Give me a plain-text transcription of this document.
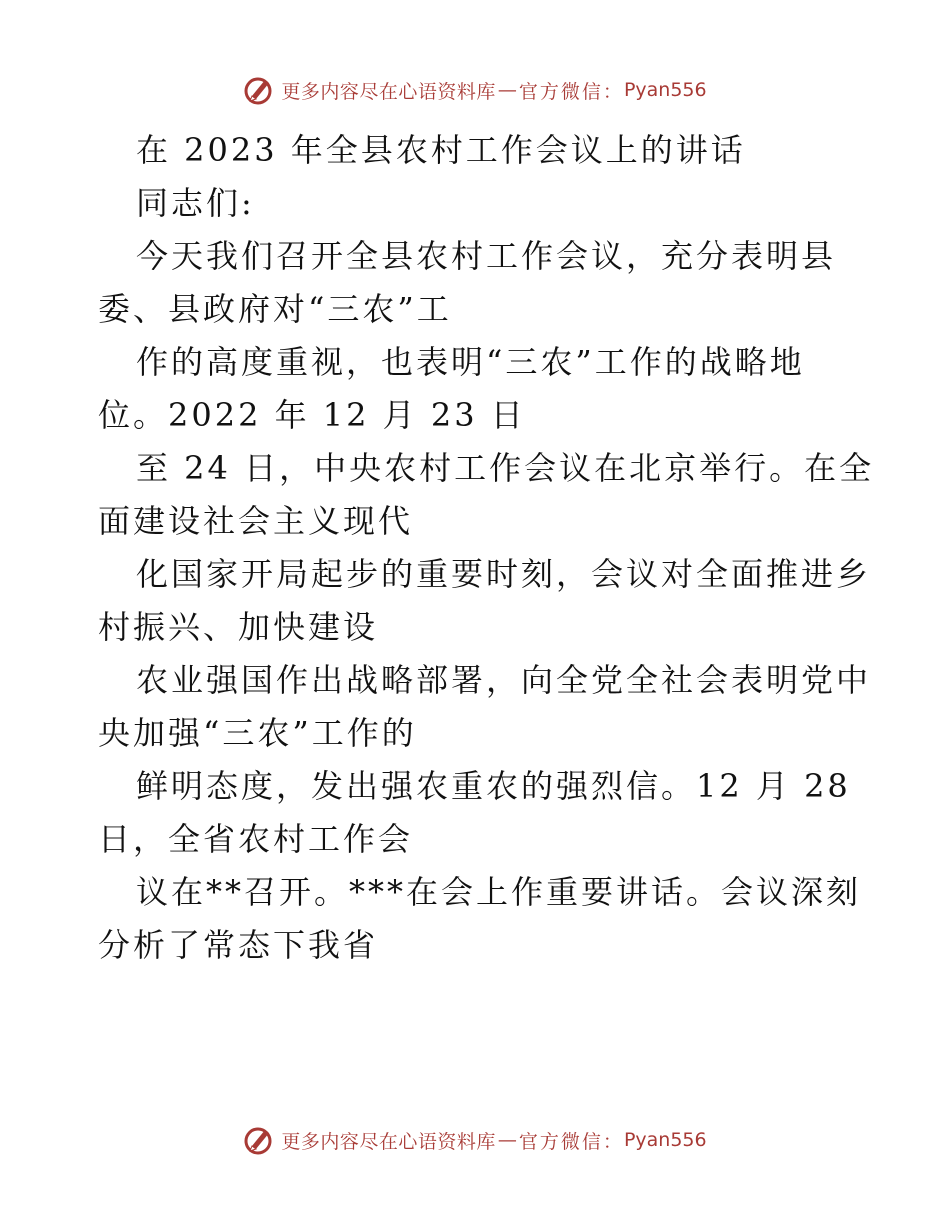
更多内容尽在心语资料库 — 官方微信： Pyan556
在 2023 年全县农村工作会议上的讲话
同志们:
今天我们召开全县农村工作会议，充分表明县
委、县政府对“三农”工
作的高度重视，也表明“三农”工作的战略地
位。2022 年 12 月 23 日
至 24 日，中央农村工作会议在北京举行。在全
面建设社会主义现代
化国家开局起步的重要时刻，会议对全面推进乡
村振兴、加快建设
农业强国作出战略部署，向全党全社会表明党中
央加强“三农”工作的
鲜明态度，发出强农重农的强烈信。12 月 28
日，全省农村工作会
议在**召开。***在会上作重要讲话。会议深刻
分析了常态下我省
更多内容尽在心语资料库 — 官方微信： Pyan556
